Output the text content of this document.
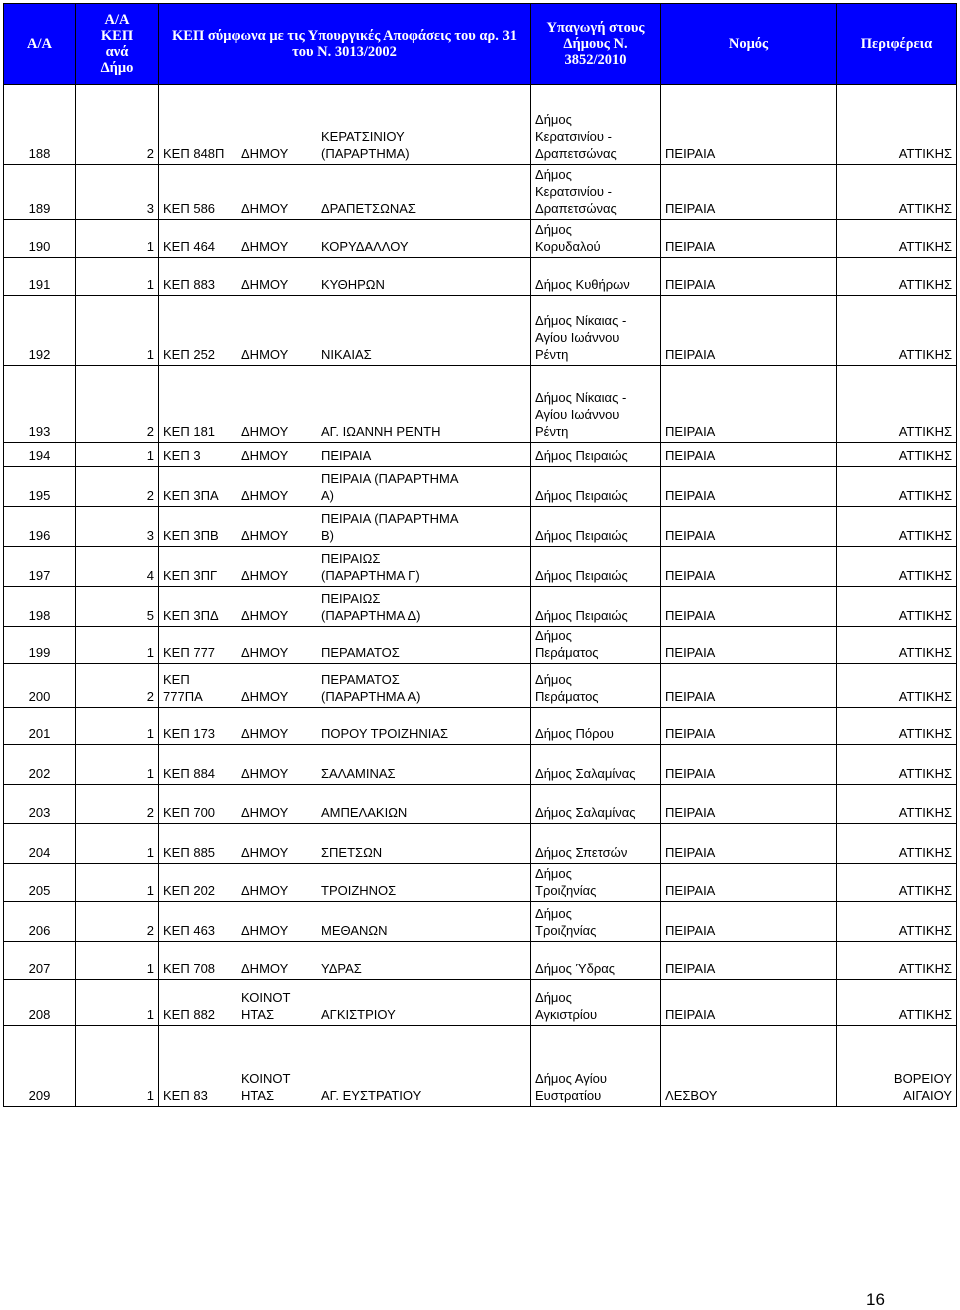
Α/Α	Α/Α
ΚΕΠ
ανά
Δήμο	ΚΕΠ σύμφωνα με τις Υπουργικές Αποφάσεις του αρ. 31 του Ν. 3013/2002	Υπαγωγή στους Δήμους Ν. 3852/2010	Νομός	Περιφέρεια
188	2	ΚΕΠ 848Π ΔΗΜΟΥ
ΚΕΡΑΤΣΙΝΙΟΥ
(ΠΑΡΑΡΤΗΜΑ)	Δήμος
Κερατσινίου -
Δραπετσώνας	ΠΕΙΡΑΙΑ	ΑΤΤΙΚΗΣ
189	3	ΚΕΠ 586 ΔΗΜΟΥ ΔΡΑΠΕΤΣΩΝΑΣ	Δήμος
Κερατσινίου -
Δραπετσώνας	ΠΕΙΡΑΙΑ	ΑΤΤΙΚΗΣ
190	1	ΚΕΠ 464 ΔΗΜΟΥ ΚΟΡΥΔΑΛΛΟΥ	Δήμος
Κορυδαλού	ΠΕΙΡΑΙΑ	ΑΤΤΙΚΗΣ
191	1	ΚΕΠ 883 ΔΗΜΟΥ ΚΥΘΗΡΩΝ	Δήμος Κυθήρων	ΠΕΙΡΑΙΑ	ΑΤΤΙΚΗΣ
192	1	ΚΕΠ 252 ΔΗΜΟΥ ΝΙΚΑΙΑΣ	Δήμος Νίκαιας -
Αγίου Ιωάννου
Ρέντη	ΠΕΙΡΑΙΑ	ΑΤΤΙΚΗΣ
193	2	ΚΕΠ 181 ΔΗΜΟΥ ΑΓ. ΙΩΑΝΝΗ ΡΕΝΤΗ	Δήμος Νίκαιας -
Αγίου Ιωάννου
Ρέντη	ΠΕΙΡΑΙΑ	ΑΤΤΙΚΗΣ
194	1	ΚΕΠ 3 ΔΗΜΟΥ ΠΕΙΡΑΙΑ	Δήμος Πειραιώς	ΠΕΙΡΑΙΑ	ΑΤΤΙΚΗΣ
195	2	ΚΕΠ 3ΠΑ ΔΗΜΟΥ
ΠΕΙΡΑΙΑ (ΠΑΡΑΡΤΗΜΑ
Α)	Δήμος Πειραιώς	ΠΕΙΡΑΙΑ	ΑΤΤΙΚΗΣ
196	3	ΚΕΠ 3ΠΒ ΔΗΜΟΥ
ΠΕΙΡΑΙΑ (ΠΑΡΑΡΤΗΜΑ
Β)	Δήμος Πειραιώς	ΠΕΙΡΑΙΑ	ΑΤΤΙΚΗΣ
197	4	ΚΕΠ 3ΠΓ ΔΗΜΟΥ
ΠΕΙΡΑΙΩΣ
(ΠΑΡΑΡΤΗΜΑ Γ)	Δήμος Πειραιώς	ΠΕΙΡΑΙΑ	ΑΤΤΙΚΗΣ
198	5	ΚΕΠ 3ΠΔ ΔΗΜΟΥ
ΠΕΙΡΑΙΩΣ
(ΠΑΡΑΡΤΗΜΑ Δ)	Δήμος Πειραιώς	ΠΕΙΡΑΙΑ	ΑΤΤΙΚΗΣ
199	1	ΚΕΠ 777 ΔΗΜΟΥ ΠΕΡΑΜΑΤΟΣ	Δήμος
Περάματος	ΠΕΙΡΑΙΑ	ΑΤΤΙΚΗΣ
200	2	ΚΕΠ
777ΠΑ ΔΗΜΟΥ
ΠΕΡΑΜΑΤΟΣ
(ΠΑΡΑΡΤΗΜΑ Α)	Δήμος
Περάματος	ΠΕΙΡΑΙΑ	ΑΤΤΙΚΗΣ
201	1	ΚΕΠ 173 ΔΗΜΟΥ ΠΟΡΟΥ ΤΡΟΙΖΗΝΙΑΣ	Δήμος Πόρου	ΠΕΙΡΑΙΑ	ΑΤΤΙΚΗΣ
202	1	ΚΕΠ 884 ΔΗΜΟΥ ΣΑΛΑΜΙΝΑΣ	Δήμος Σαλαμίνας	ΠΕΙΡΑΙΑ	ΑΤΤΙΚΗΣ
203	2	ΚΕΠ 700 ΔΗΜΟΥ ΑΜΠΕΛΑΚΙΩΝ	Δήμος Σαλαμίνας	ΠΕΙΡΑΙΑ	ΑΤΤΙΚΗΣ
204	1	ΚΕΠ 885 ΔΗΜΟΥ ΣΠΕΤΣΩΝ	Δήμος Σπετσών	ΠΕΙΡΑΙΑ	ΑΤΤΙΚΗΣ
205	1	ΚΕΠ 202 ΔΗΜΟΥ ΤΡΟΙΖΗΝΟΣ	Δήμος
Τροιζηνίας	ΠΕΙΡΑΙΑ	ΑΤΤΙΚΗΣ
206	2	ΚΕΠ 463 ΔΗΜΟΥ ΜΕΘΑΝΩΝ	Δήμος
Τροιζηνίας	ΠΕΙΡΑΙΑ	ΑΤΤΙΚΗΣ
207	1	ΚΕΠ 708 ΔΗΜΟΥ ΥΔΡΑΣ	Δήμος Ύδρας	ΠΕΙΡΑΙΑ	ΑΤΤΙΚΗΣ
208	1	ΚΕΠ 882
ΚΟΙΝΟΤ
ΗΤΑΣ ΑΓΚΙΣΤΡΙΟΥ	Δήμος
Αγκιστρίου	ΠΕΙΡΑΙΑ	ΑΤΤΙΚΗΣ
209	1	ΚΕΠ 83
ΚΟΙΝΟΤ
ΗΤΑΣ ΑΓ. ΕΥΣΤΡΑΤΙΟΥ	Δήμος Αγίου
Ευστρατίου	ΛΕΣΒΟΥ	ΒΟΡΕΙΟΥ
ΑΙΓΑΙΟΥ
16
